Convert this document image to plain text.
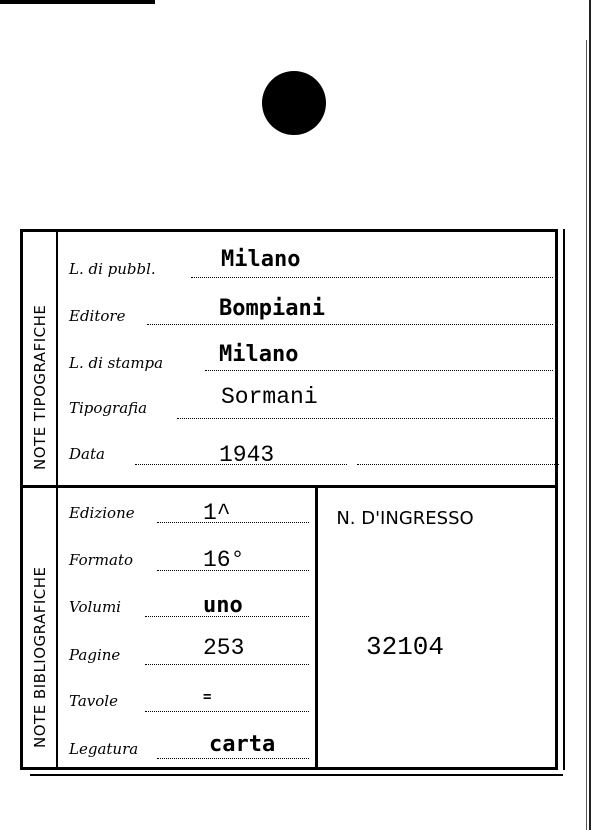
NOTE TIPOGRAFICHE
NOTE BIBLIOGRAFICHE
L. di pubbl.	Milano
Editore	Bompiani
L. di stampa	Milano
Tipografia	Sormani
Data	1943
Edizione	1^
Formato	16°
Volumi	uno
Pagine	253
Tavole	=
Legatura	carta
N. D'INGRESSO
32104
